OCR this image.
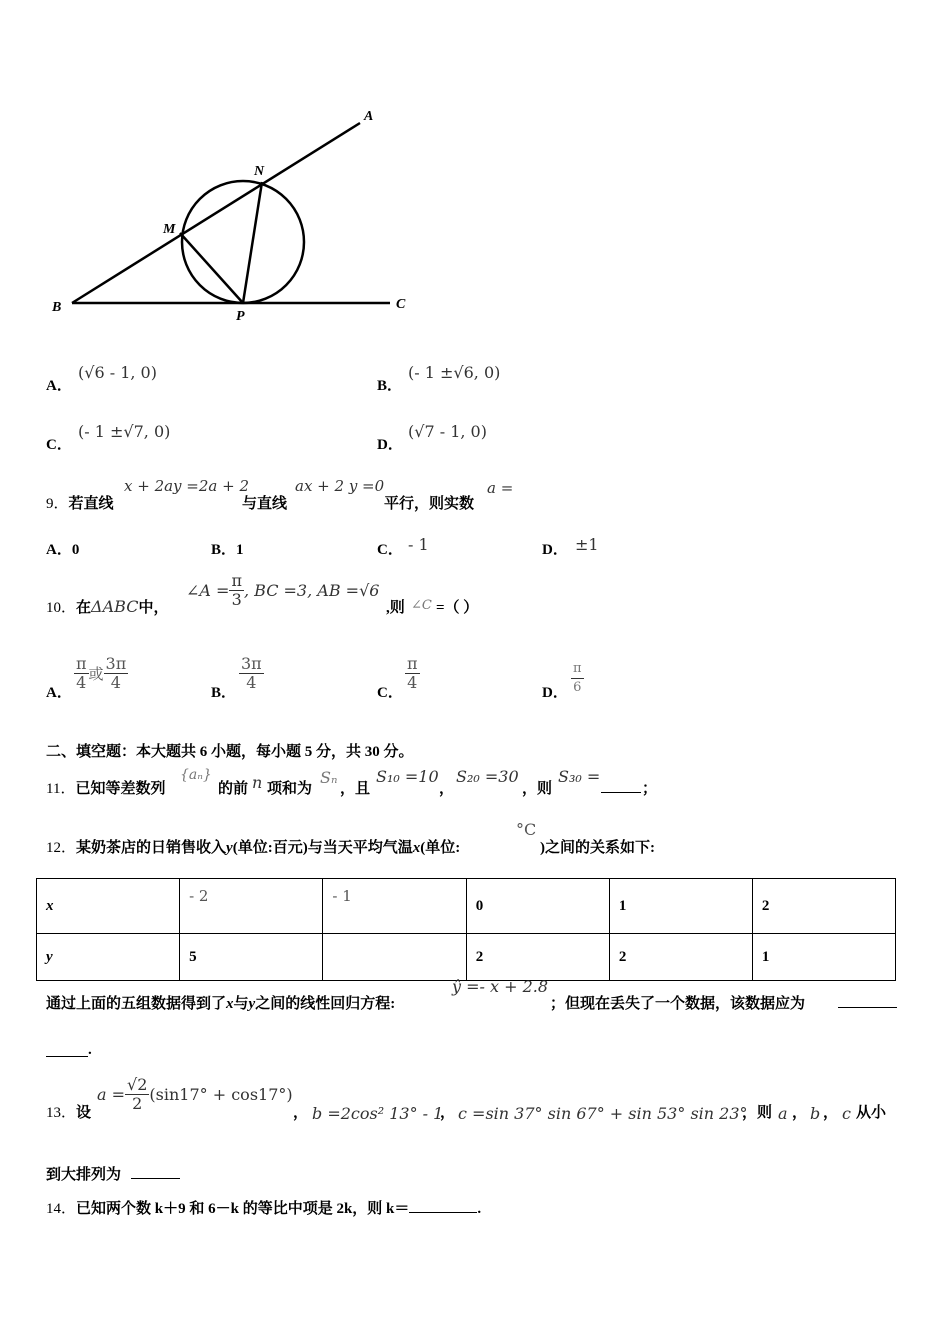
A
N
M
B	C
P
A．
(√6 - 1, 0)
B．
(- 1 ±√6, 0)
C．
(- 1 ±√7, 0)
D．
(√7 - 1, 0)
9．若直线
x + 2ay =2a + 2
与直线
ax + 2 y =0
平行，则实数
a =
A．0	B．1	C． - 1	D． ±1
10．在ΔABC中，
∠A = $\frac{\pi}{3}$ , BC =3, AB =√6
,则 ∠C =（ ）
A．
$\frac{\pi}{4}$ 或 $\frac{3\pi}{4}$
B．
$\frac{3\pi}{4}$
C．
$\frac{\pi}{4}$
D． $\frac{\pi}{6}$
二、填空题：本大题共 6 小题，每小题 5 分，共 30 分。
11．已知等差数列
{aₙ}
的前 n 项和为
Sₙ
，且
S₁₀ =10
，
S₂₀ =30
，则
S₃₀ =
；
12．某奶茶店的日销售收入y(单位:百元)与当天平均气温x(单位:
°C
)之间的关系如下:
x	- 2	- 1	0	1	2
y	5		2	2	1
通过上面的五组数据得到了x与y之间的线性回归方程:
ŷ =- x + 2.8
；但现在丢失了一个数据，该数据应为
.
13．设
$a = \frac{√2}{2} (\sin 17^\circ + \cos 17^\circ)$
， b =2cos² 13° - 1
， c =sin 37° sin 67° + sin 53° sin 23°
，则 a ， b ， c 从小
到大排列为
14．已知两个数 k＋9 和 6－k 的等比中项是 2k，则 k＝	.
